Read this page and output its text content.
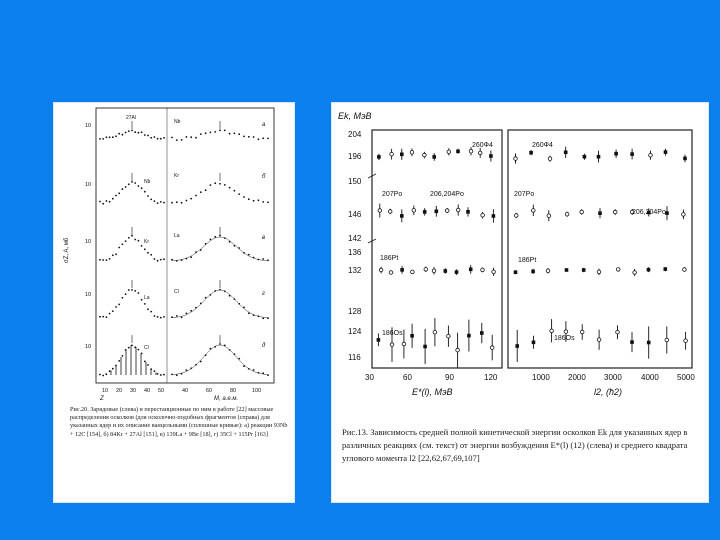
σZ, A, мб
10
10
10
10
10
a
б
в
г
д
27Al
Nb
Kr
La
Cl
Nb
Kr
La
Cl
10 20 30 40 50
Z
40	60	80	100
M, а.е.м.
Рис.20. Зарядовые (слева) и перестанционные по ним в работе [22] массовые распределения осколков (для осколочно-подобных фрагментов (справа) для указанных ядер и их описание ванцельными (сплошные кривые): а) реакции 93Nb + 12C [154], б) 84Kr + 27Al [151], в) 139La + 9Be [18], г) 35Cl + 115Pr [163]
Ek, МэВ
204
196
150
146
142
136
132
128
124
116
260Ф4
207Po	206,204Po
186Pt
186Os
260Ф4
207Po
206,204Po
186Pt
186Os
30	60	90	120
E*(l), МэВ
1000 2000 3000 4000 5000
l2, (ħ2)
Рис.13. Зависимость средней полной кинетической энергии осколков Ek для указанных ядер в различных реакциях (см. текст) от энергии возбуждения E*(l) (12) (слева) и среднего квадрата углового момента l2 [22,62,67,69,107]
